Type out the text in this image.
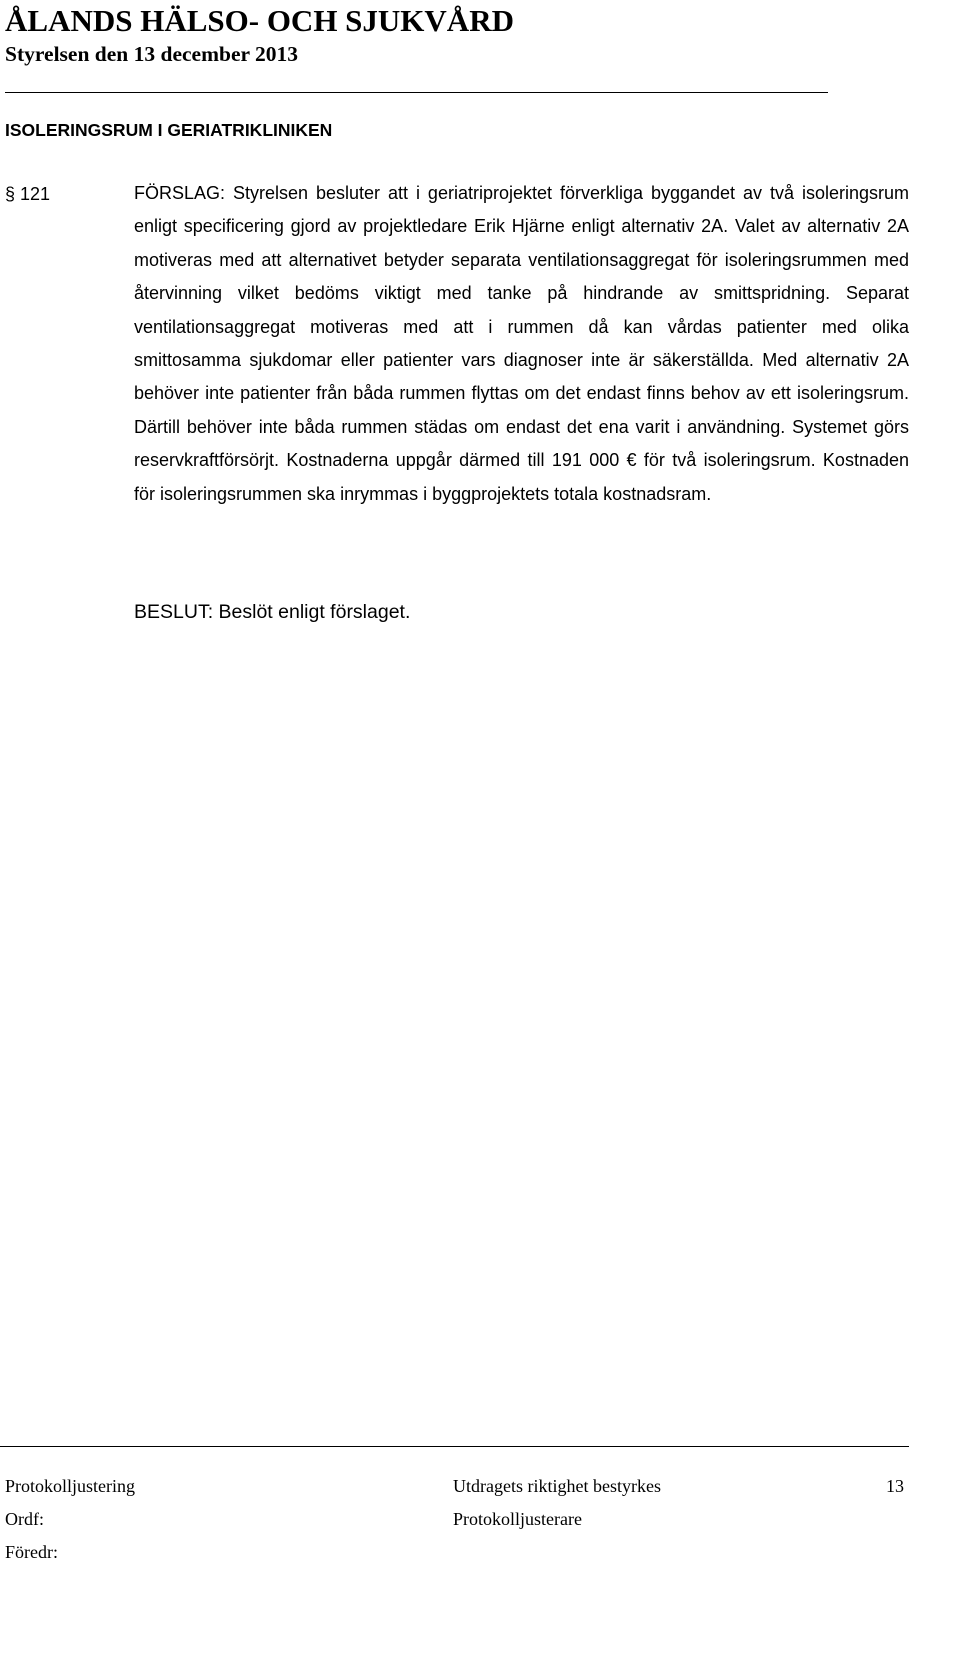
ÅLANDS HÄLSO- OCH SJUKVÅRD
Styrelsen den 13 december 2013
ISOLERINGSRUM I GERIATRIKLINIKEN
§ 121	FÖRSLAG: Styrelsen besluter att i geriatriprojektet förverkliga byggandet av två isoleringsrum enligt specificering gjord av projektledare Erik Hjärne enligt alternativ 2A. Valet av alternativ 2A motiveras med att alternativet betyder separata ventilationsaggregat för isoleringsrummen med återvinning vilket bedöms viktigt med tanke på hindrande av smittspridning. Separat ventilationsaggregat motiveras med att i rummen då kan vårdas patienter med olika smittosamma sjukdomar eller patienter vars diagnoser inte är säkerställda. Med alternativ 2A behöver inte patienter från båda rummen flyttas om det endast finns behov av ett isoleringsrum. Därtill behöver inte båda rummen städas om endast det ena varit i användning. Systemet görs reservkraftförsörjt. Kostnaderna uppgår därmed till 191 000 € för två isoleringsrum. Kostnaden för isoleringsrummen ska inrymmas i byggprojektets totala kostnadsram.

BESLUT: Beslöt enligt förslaget.
Protokolljustering	Utdragets riktighet bestyrkes	13
Ordf:	Protokolljusterare
Föredr:
